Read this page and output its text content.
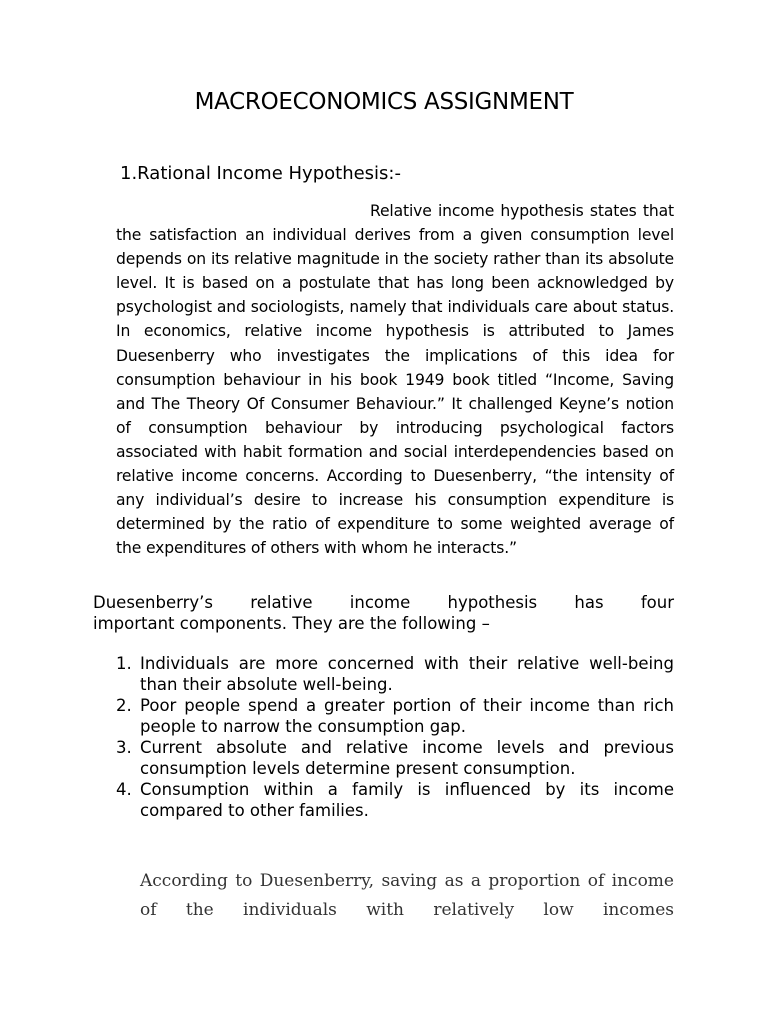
MACROECONOMICS ASSIGNMENT
1.Rational Income Hypothesis:-

Relative income hypothesis states that the satisfaction an individual derives from a given consumption level depends on its relative magnitude in the society rather than its absolute level. It is based on a postulate that has long been acknowledged by psychologist and sociologists, namely that individuals care about status. In economics, relative income hypothesis is attributed to James Duesenberry who investigates the implications of this idea for consumption behaviour in his book 1949 book titled “Income, Saving and The Theory Of Consumer Behaviour.” It challenged Keyne’s notion of consumption behaviour by introducing psychological factors associated with habit formation and social interdependencies based on relative income concerns. According to Duesenberry, “the intensity of any individual’s desire to increase his consumption expenditure is determined by the ratio of expenditure to some weighted average of the expenditures of others with whom he interacts.”

Duesenberry’s relative income hypothesis has four
important components. They are the following –

1. Individuals are more concerned with their relative well-being than their absolute well-being.
2. Poor people spend a greater portion of their income than rich people to narrow the consumption gap.
3. Current absolute and relative income levels and previous consumption levels determine present consumption.
4. Consumption within a family is influenced by its income compared to other families.

According to Duesenberry, saving as a proportion of income of the individuals with relatively low incomes
